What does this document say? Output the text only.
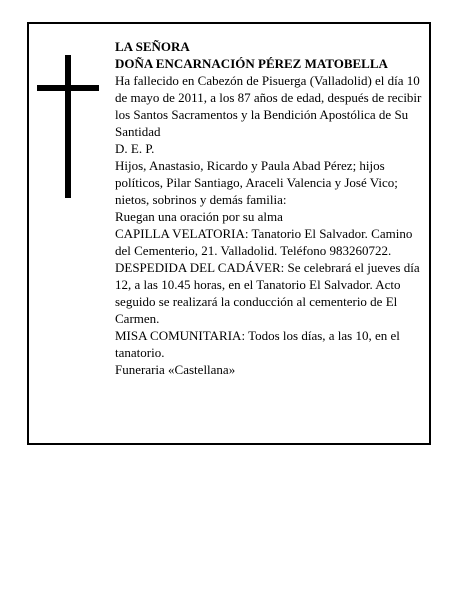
LA SEÑORA

DOÑA ENCARNACIÓN PÉREZ MATOBELLA

Ha fallecido en Cabezón de Pisuerga (Valladolid) el día 10 de mayo de 2011, a los 87 años de edad, después de recibir los Santos Sacramentos y la Bendición Apostólica de Su Santidad

D. E. P.

Hijos, Anastasio, Ricardo y Paula Abad Pérez; hijos políticos, Pilar Santiago, Araceli Valencia y José Vico; nietos, sobrinos y demás familia:

Ruegan una oración por su alma

CAPILLA VELATORIA: Tanatorio El Salvador. Camino del Cementerio, 21. Valladolid. Teléfono 983260722.

DESPEDIDA DEL CADÁVER: Se celebrará el jueves día 12, a las 10.45 horas, en el Tanatorio El Salvador. Acto seguido se realizará la conducción al cementerio de El Carmen.

MISA COMUNITARIA: Todos los días, a las 10, en el tanatorio.

Funeraria «Castellana»
